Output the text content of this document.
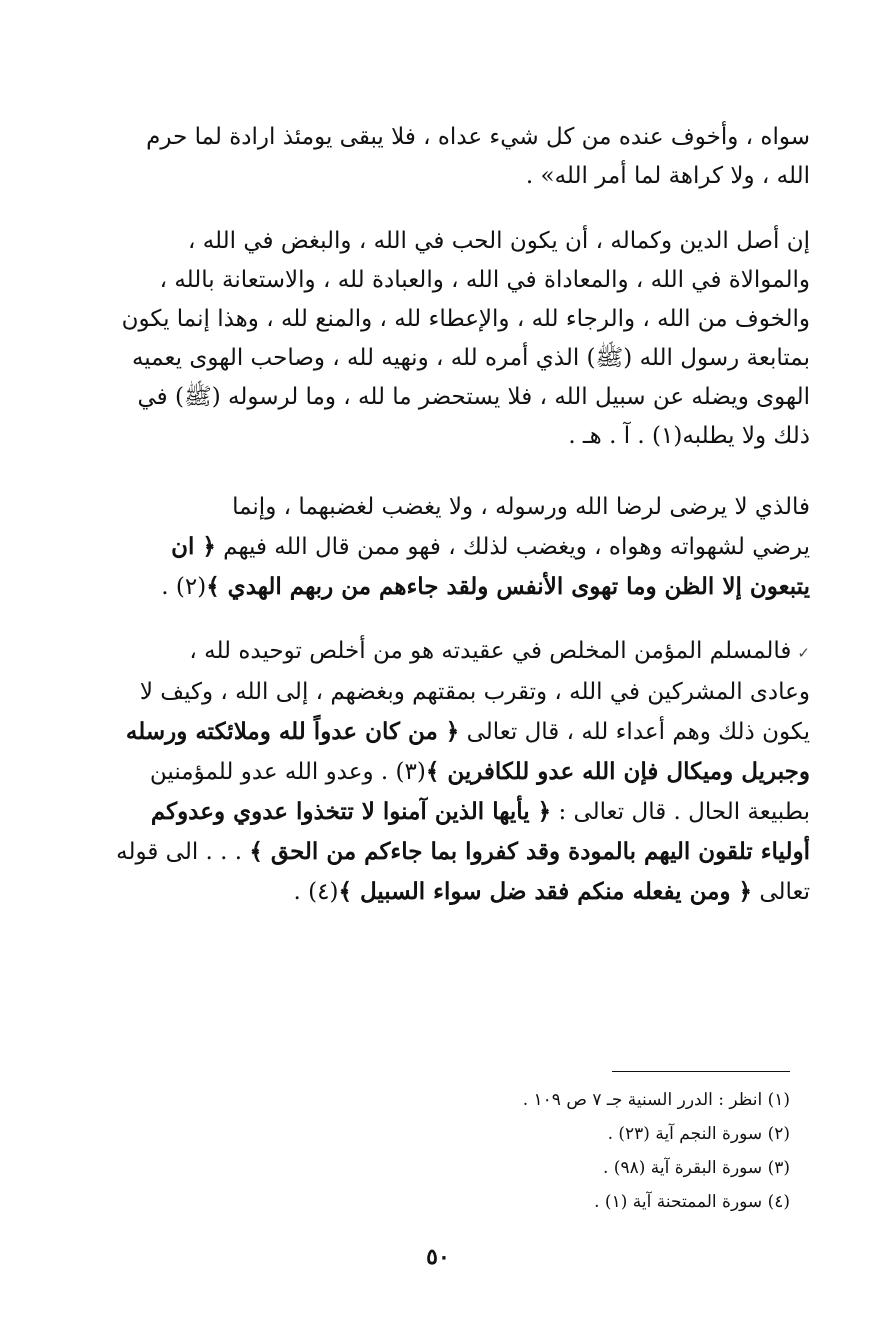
سواه ، وأخوف عنده من كل شيء عداه ، فلا يبقى يومئذ ارادة لما حرم
الله ، ولا كراهة لما أمر الله» .

إن أصل الدين وكماله ، أن يكون الحب في الله ، والبغض في الله ،
والموالاة في الله ، والمعاداة في الله ، والعبادة لله ، والاستعانة بالله ،
والخوف من الله ، والرجاء لله ، والإعطاء لله ، والمنع لله ، وهذا إنما يكون
بمتابعة رسول الله (ﷺ) الذي أمره لله ، ونهيه لله ، وصاحب الهوى يعميه
الهوى ويضله عن سبيل الله ، فلا يستحضر ما لله ، وما لرسوله (ﷺ) في
ذلك ولا يطلبه(١) . آ . هـ .

فالذي لا يرضى لرضا الله ورسوله ، ولا يغضب لغضبهما ، وإنما
يرضي لشهواته وهواه ، ويغضب لذلك ، فهو ممن قال الله فيهم ﴿ ان
يتبعون إلا الظن وما تهوى الأنفس ولقد جاءهم من ربهم الهدي ﴾(٢) .

✓فالمسلم المؤمن المخلص في عقيدته هو من أخلص توحيده لله ،
وعادى المشركين في الله ، وتقرب بمقتهم وبغضهم ، إلى الله ، وكيف لا
يكون ذلك وهم أعداء لله ، قال تعالى ﴿ من كان عدواً لله وملائكته ورسله
وجبريل وميكال فإن الله عدو للكافرين ﴾(٣) . وعدو الله عدو للمؤمنين
بطبيعة الحال . قال تعالى : ﴿ يأيها الذين آمنوا لا تتخذوا عدوي وعدوكم
أولياء تلقون اليهم بالمودة وقد كفروا بما جاءكم من الحق ﴾ . . . الى قوله
تعالى ﴿ ومن يفعله منكم فقد ضل سواء السبيل ﴾(٤) .

(١) انظر : الدرر السنية جـ ٧ ص ١٠٩ .
(٢) سورة النجم آية (٢٣) .
(٣) سورة البقرة آية (٩٨) .
(٤) سورة الممتحنة آية (١) .
٥٠
